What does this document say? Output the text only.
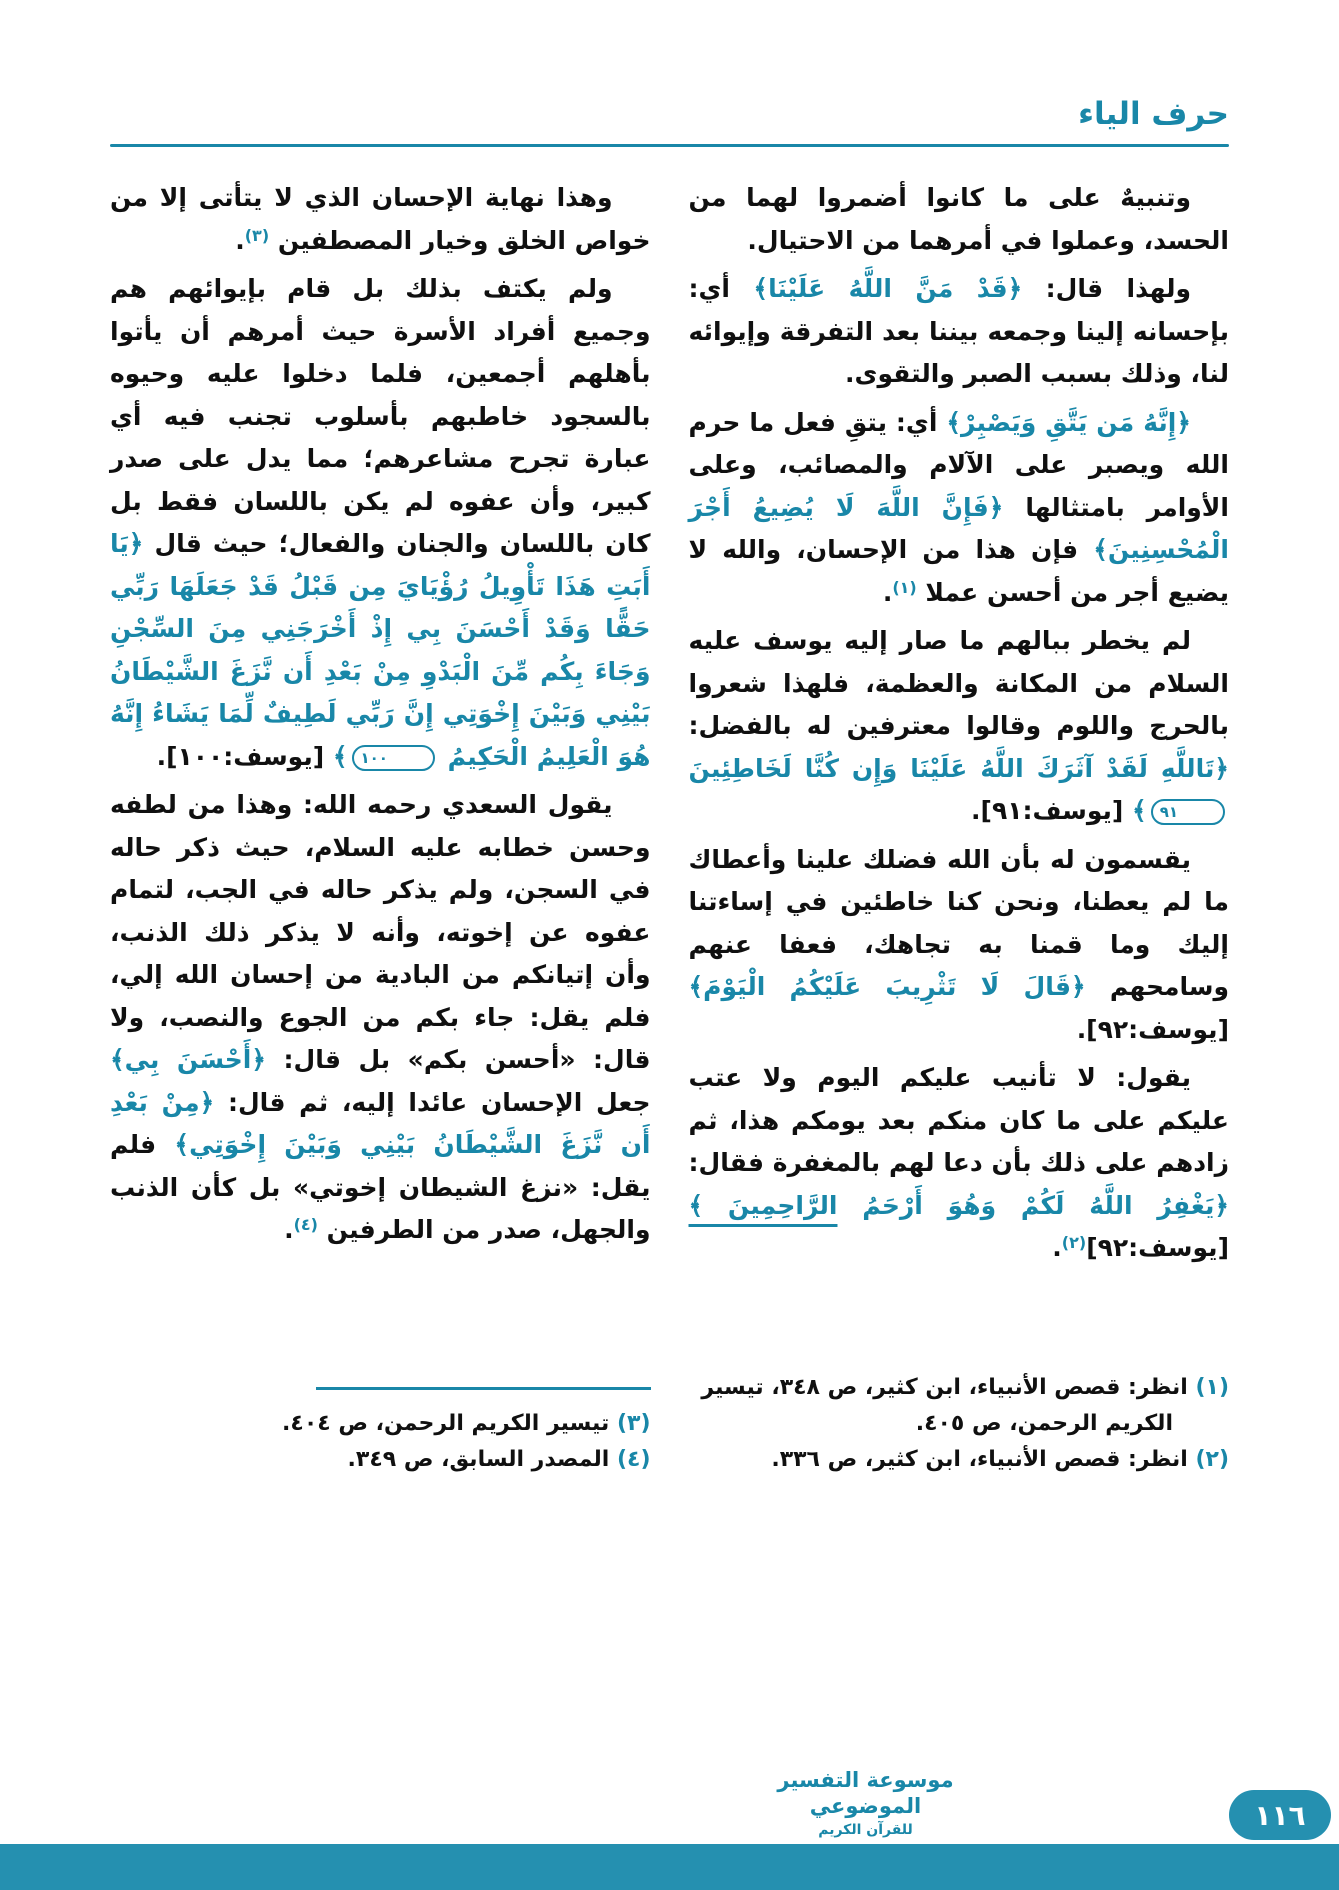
حرف الياء

وتنبيهٌ على ما كانوا أضمروا لهما من الحسد، وعملوا في أمرهما من الاحتيال.

ولهذا قال: ﴿قَدْ مَنَّ اللَّهُ عَلَيْنَا﴾ أي: بإحسانه إلينا وجمعه بيننا بعد التفرقة وإيوائه لنا، وذلك بسبب الصبر والتقوى.

﴿إِنَّهُ مَن يَتَّقِ وَيَصْبِرْ﴾ أي: يتقِ فعل ما حرم الله ويصبر على الآلام والمصائب، وعلى الأوامر بامتثالها ﴿فَإِنَّ اللَّهَ لَا يُضِيعُ أَجْرَ الْمُحْسِنِينَ﴾ فإن هذا من الإحسان، والله لا يضيع أجر من أحسن عملا $^{(١)}$.

لم يخطر ببالهم ما صار إليه يوسف عليه السلام من المكانة والعظمة، فلهذا شعروا بالحرج واللوم وقالوا معترفين له بالفضل: ﴿تَاللَّهِ لَقَدْ آثَرَكَ اللَّهُ عَلَيْنَا وَإِن كُنَّا لَخَاطِئِينَ ٩١﴾ [يوسف:٩١].

يقسمون له بأن الله فضلك علينا وأعطاك ما لم يعطنا، ونحن كنا خاطئين في إساءتنا إليك وما قمنا به تجاهك، فعفا عنهم وسامحهم ﴿قَالَ لَا تَثْرِيبَ عَلَيْكُمُ الْيَوْمَ﴾ [يوسف:٩٢].

يقول: لا تأنيب عليكم اليوم ولا عتب عليكم على ما كان منكم بعد يومكم هذا، ثم زادهم على ذلك بأن دعا لهم بالمغفرة فقال: ﴿يَغْفِرُ اللَّهُ لَكُمْ وَهُوَ أَرْحَمُ الرَّاحِمِينَ ﴾ [يوسف:٩٢]$^{(٢)}$.

(١) انظر: قصص الأنبياء، ابن كثير، ص ٣٤٨، تيسير الكريم الرحمن، ص ٤٠٥.

(٢) انظر: قصص الأنبياء، ابن كثير، ص ٣٣٦.

وهذا نهاية الإحسان الذي لا يتأتى إلا من خواص الخلق وخيار المصطفين $^{(٣)}$.

ولم يكتف بذلك بل قام بإيوائهم هم وجميع أفراد الأسرة حيث أمرهم أن يأتوا بأهلهم أجمعين، فلما دخلوا عليه وحيوه بالسجود خاطبهم بأسلوب تجنب فيه أي عبارة تجرح مشاعرهم؛ مما يدل على صدر كبير، وأن عفوه لم يكن باللسان فقط بل كان باللسان والجنان والفعال؛ حيث قال ﴿يَا أَبَتِ هَذَا تَأْوِيلُ رُؤْيَايَ مِن قَبْلُ قَدْ جَعَلَهَا رَبِّي حَقًّا وَقَدْ أَحْسَنَ بِي إِذْ أَخْرَجَنِي مِنَ السِّجْنِ وَجَاءَ بِكُم مِّنَ الْبَدْوِ مِنْ بَعْدِ أَن نَّزَغَ الشَّيْطَانُ بَيْنِي وَبَيْنَ إِخْوَتِي إِنَّ رَبِّي لَطِيفٌ لِّمَا يَشَاءُ إِنَّهُ هُوَ الْعَلِيمُ الْحَكِيمُ ١٠٠﴾ [يوسف:١٠٠].

يقول السعدي رحمه الله: وهذا من لطفه وحسن خطابه عليه السلام، حيث ذكر حاله في السجن، ولم يذكر حاله في الجب، لتمام عفوه عن إخوته، وأنه لا يذكر ذلك الذنب، وأن إتيانكم من البادية من إحسان الله إلي، فلم يقل: جاء بكم من الجوع والنصب، ولا قال: «أحسن بكم» بل قال: ﴿أَحْسَنَ بِي﴾ جعل الإحسان عائدا إليه، ثم قال: ﴿مِنْ بَعْدِ أَن نَّزَغَ الشَّيْطَانُ بَيْنِي وَبَيْنَ إِخْوَتِي﴾ فلم يقل: «نزغ الشيطان إخوتي» بل كأن الذنب والجهل، صدر من الطرفين $^{(٤)}$.

(٣) تيسير الكريم الرحمن، ص ٤٠٤.

(٤) المصدر السابق، ص ٣٤٩.

موسوعة التفسير الموضوعي
للقرآن الكريم	١١٦
